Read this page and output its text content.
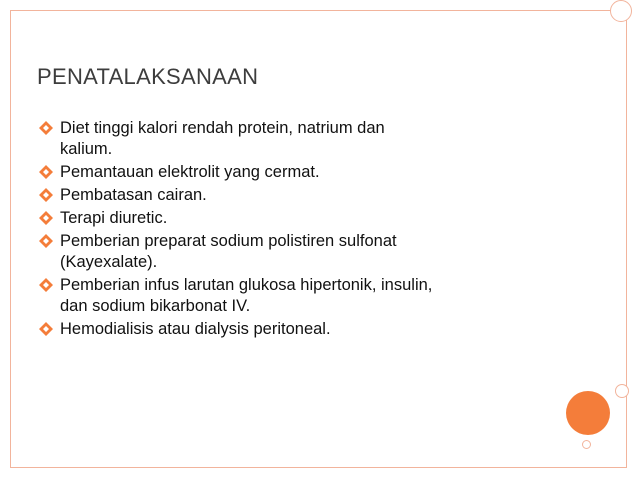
PENATALAKSANAAN
Diet tinggi kalori rendah protein, natrium dan
kalium.
Pemantauan elektrolit yang cermat.
Pembatasan cairan.
Terapi diuretic.
Pemberian preparat sodium polistiren sulfonat
(Kayexalate).
Pemberian infus larutan glukosa hipertonik, insulin,
dan sodium bikarbonat IV.
Hemodialisis atau dialysis peritoneal.
